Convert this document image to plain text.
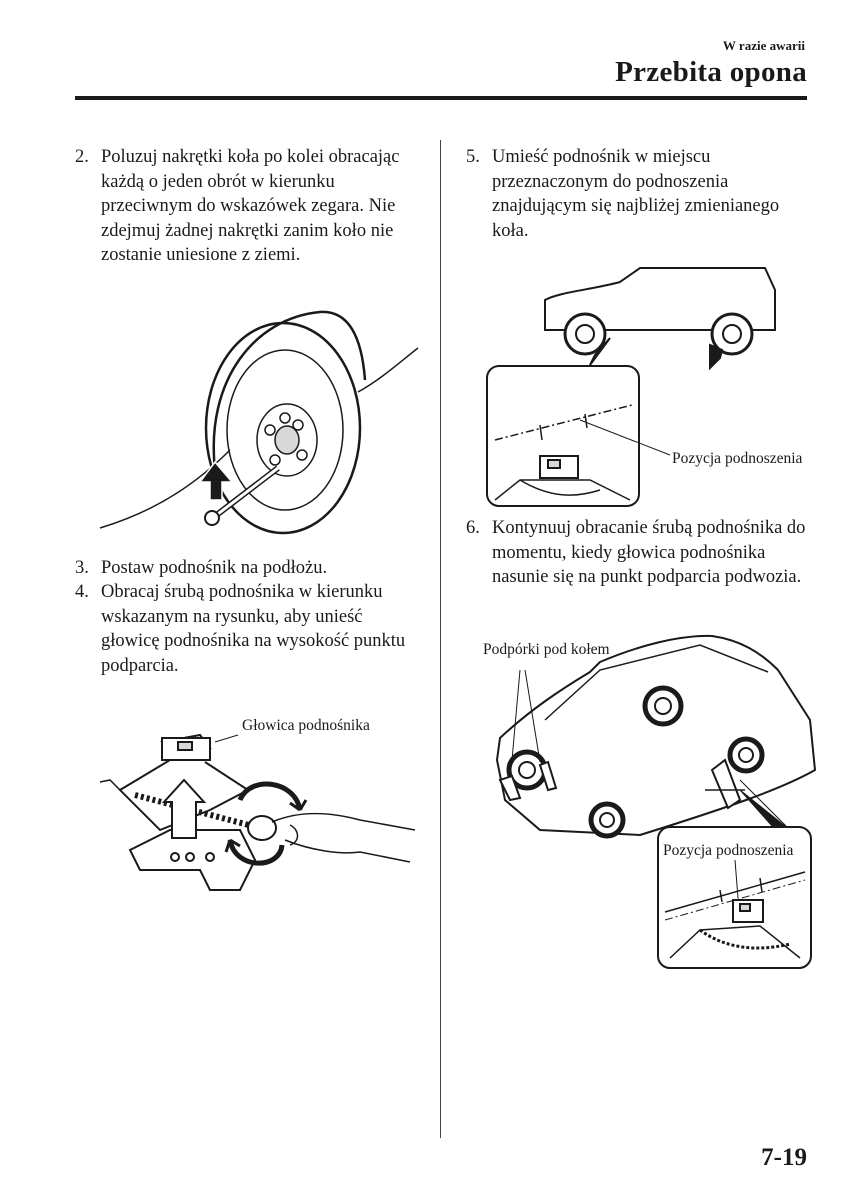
W razie awarii
Przebita opona
2. Poluzuj nakrętki koła po kolei obracając każdą o jeden obrót w kierunku przeciwnym do wskazówek zegara. Nie zdejmuj żadnej nakrętki zanim koło nie zostanie uniesione z ziemi.
3. Postaw podnośnik na podłożu.
4. Obracaj śrubą podnośnika w kierunku wskazanym na rysunku, aby unieść głowicę podnośnika na wysokość punktu podparcia.
5. Umieść podnośnik w miejscu przeznaczonym do podnoszenia znajdującym się najbliżej zmienianego koła.
6. Kontynuuj obracanie śrubą podnośnika do momentu, kiedy głowica podnośnika nasunie się na punkt podparcia podwozia.
Głowica podnośnika
Pozycja podnoszenia
Podpórki pod kołem
Pozycja podnoszenia
7-19
